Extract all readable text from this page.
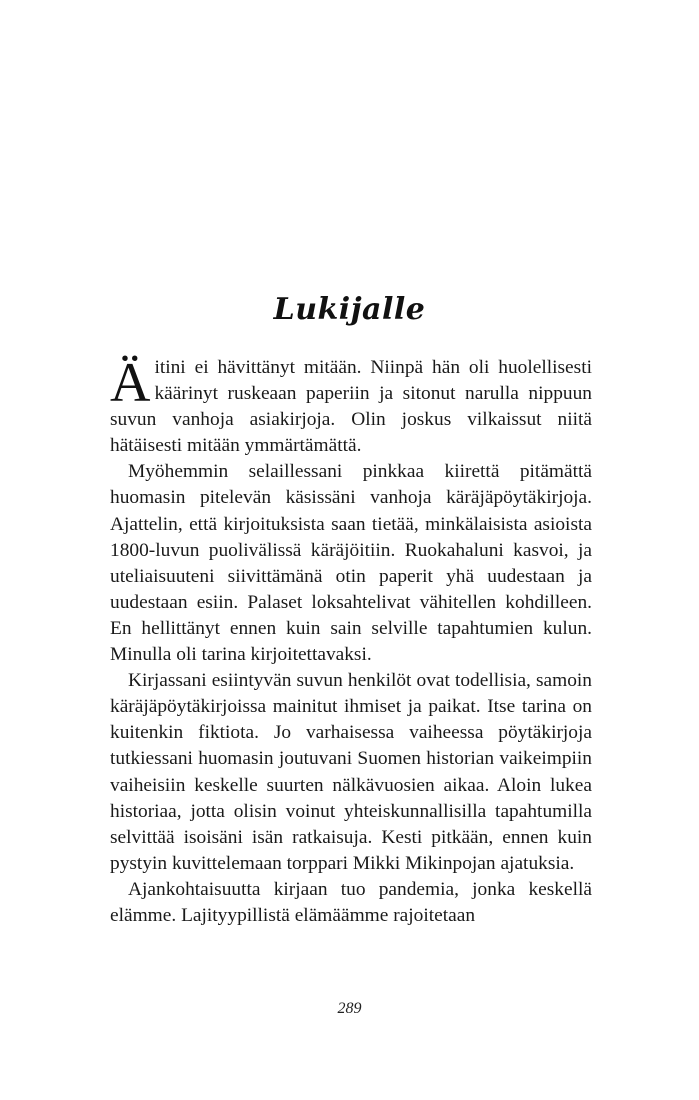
Lukijalle

Äitini ei hävittänyt mitään. Niinpä hän oli huolellisesti käärinyt ruskeaan paperiin ja sitonut narulla nippuun suvun vanhoja asiakirjoja. Olin joskus vilkaissut niitä hätäisesti mitään ymmärtämättä.

Myöhemmin selaillessani pinkkaa kiirettä pitämättä huomasin pitelevän käsissäni vanhoja käräjäpöytäkirjoja. Ajattelin, että kirjoituksista saan tietää, minkälaisista asioista 1800-luvun puolivälissä käräjöitiin. Ruokahaluni kasvoi, ja uteliaisuuteni siivittämänä otin paperit yhä uudestaan ja uudestaan esiin. Palaset loksahtelivat vähitellen kohdilleen. En hellittänyt ennen kuin sain selville tapahtumien kulun. Minulla oli tarina kirjoitettavaksi.

Kirjassani esiintyvän suvun henkilöt ovat todellisia, samoin käräjäpöytäkirjoissa mainitut ihmiset ja paikat. Itse tarina on kuitenkin fiktiota. Jo varhaisessa vaiheessa pöytäkirjoja tutkiessani huomasin joutuvani Suomen historian vaikeimpiin vaiheisiin keskelle suurten nälkävuosien aikaa. Aloin lukea historiaa, jotta olisin voinut yhteiskunnallisilla tapahtumilla selvittää isoisäni isän ratkaisuja. Kesti pitkään, ennen kuin pystyin kuvittelemaan torppari Mikki Mikinpojan ajatuksia.

Ajankohtaisuutta kirjaan tuo pandemia, jonka keskellä elämme. Lajityypillistä elämäämme rajoitetaan

289
